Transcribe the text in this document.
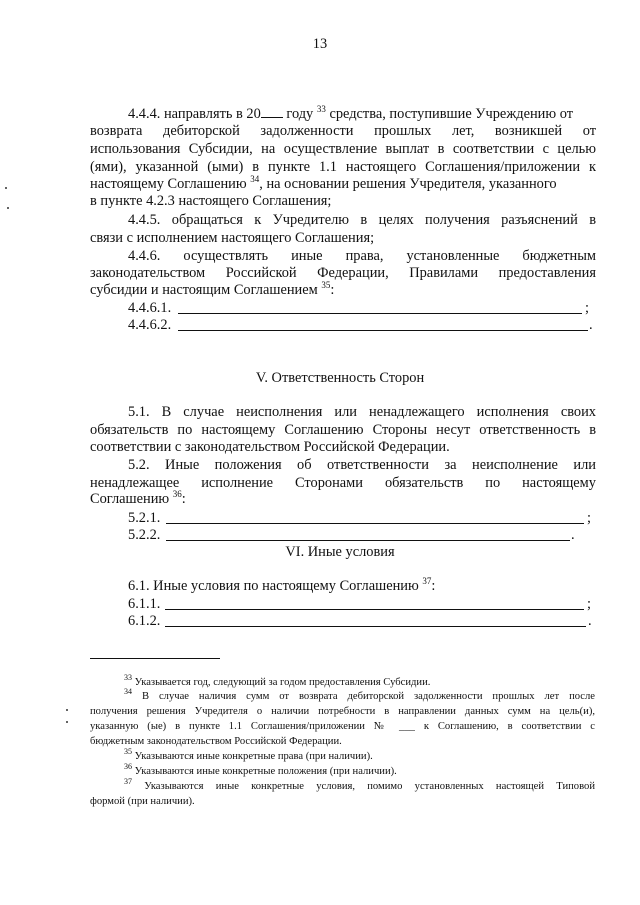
13
4.4.4. направлять в 20 году $^{33}$ средства, поступившие Учреждению от
возврата дебиторской задолженности прошлых лет, возникшей от
использования Субсидии, на осуществление выплат в соответствии с целью
(ями), указанной (ыми) в пункте 1.1 настоящего Соглашения/приложении к
настоящему Соглашению $^{34}$, на основании решения Учредителя, указанного
в пункте 4.2.3 настоящего Соглашения;
4.4.5. обращаться к Учредителю в целях получения разъяснений в
связи с исполнением настоящего Соглашения;
4.4.6. осуществлять иные права, установленные бюджетным
законодательством Российской Федерации, Правилами предоставления
субсидии и настоящим Соглашением $^{35}$:
4.4.6.1.	;
4.4.6.2.	.
V. Ответственность Сторон
5.1. В случае неисполнения или ненадлежащего исполнения своих
обязательств по настоящему Соглашению Стороны несут ответственность в
соответствии с законодательством Российской Федерации.
5.2. Иные положения об ответственности за неисполнение или
ненадлежащее исполнение Сторонами обязательств по настоящему
Соглашению $^{36}$:
5.2.1.	;
5.2.2.	.
VI. Иные условия
6.1. Иные условия по настоящему Соглашению $^{37}$:
6.1.1.	;
6.1.2.	.
$^{33}$ Указывается год, следующий за годом предоставления Субсидии.
$^{34}$ В случае наличия сумм от возврата дебиторской задолженности прошлых лет после
получения решения Учредителя о наличии потребности в направлении данных сумм на цель(и),
указанную (ые) в пункте 1.1 Соглашения/приложении № ___ к Соглашению, в соответствии с
бюджетным законодательством Российской Федерации.
$^{35}$ Указываются иные конкретные права (при наличии).
$^{36}$ Указываются иные конкретные положения (при наличии).
$^{37}$ Указываются иные конкретные условия, помимо установленных настоящей Типовой
формой (при наличии).
